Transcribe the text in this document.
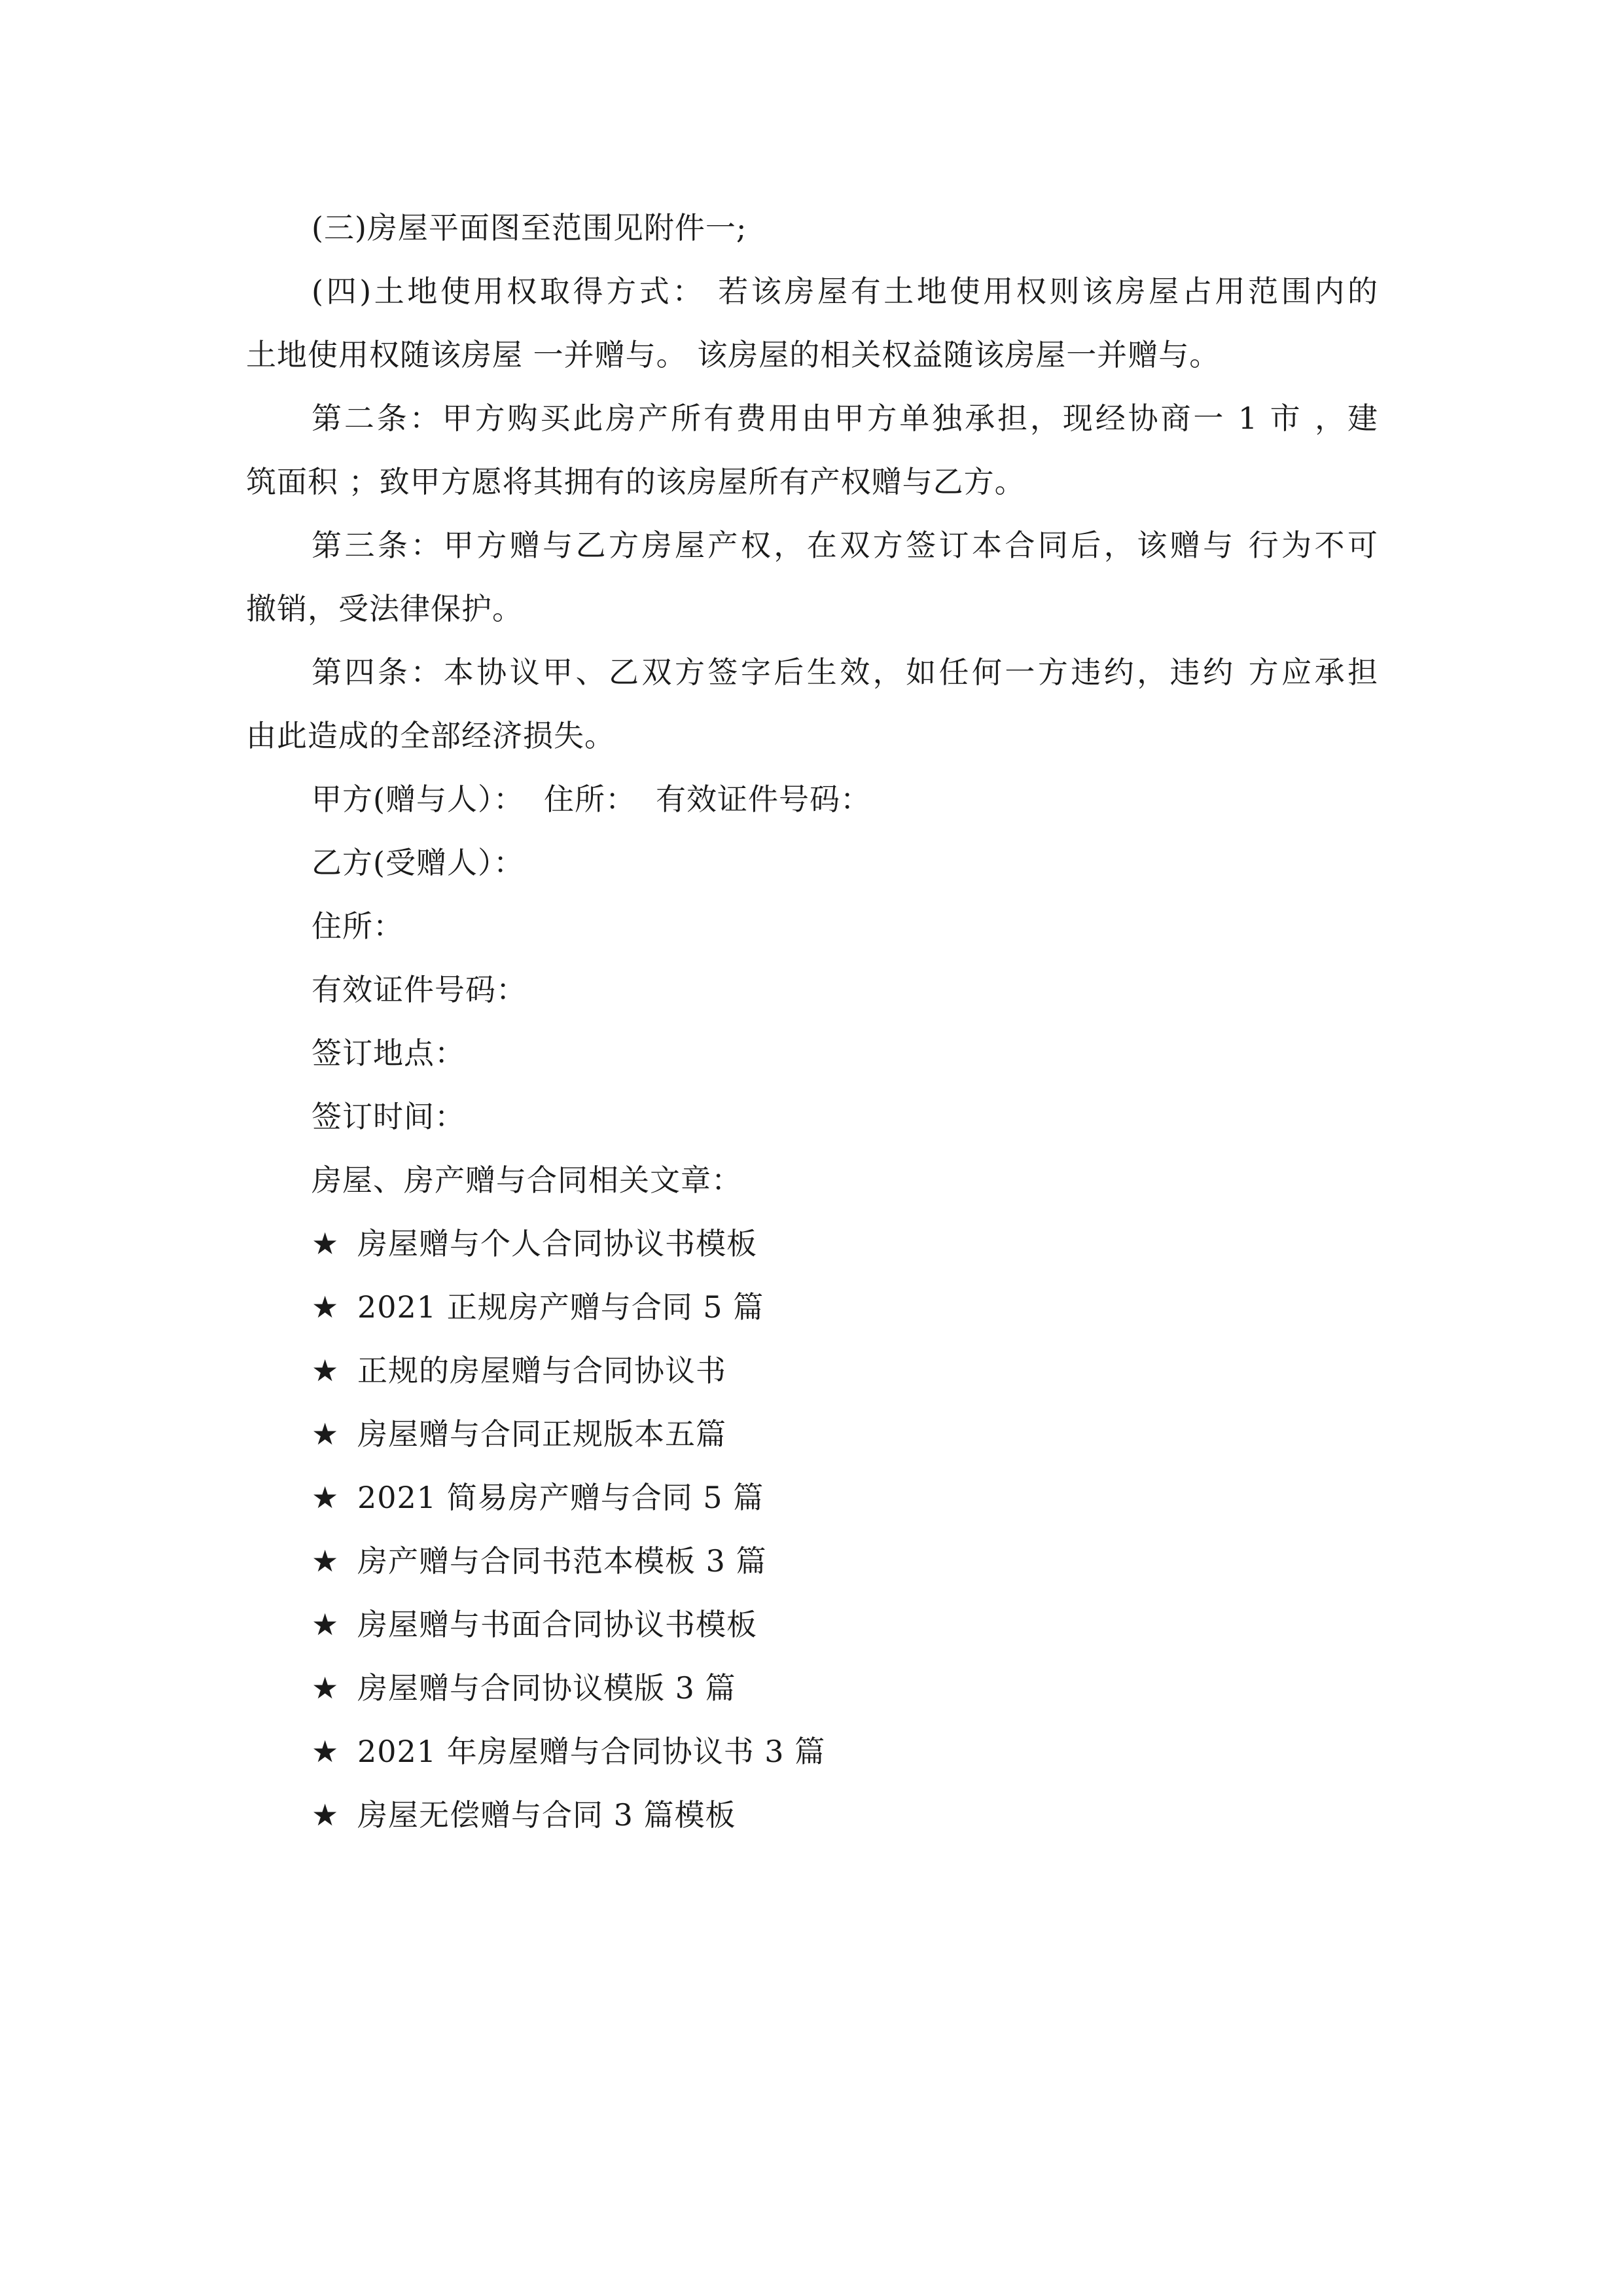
(三)房屋平面图至范围见附件一;
(四)土地使用权取得方式： 若该房屋有土地使用权则该房屋占用范围内的
土地使用权随该房屋 一并赠与。 该房屋的相关权益随该房屋一并赠与。
第二条：甲方购买此房产所有费用由甲方单独承担，现经协商一 1 市 ，建
筑面积 ；致甲方愿将其拥有的该房屋所有产权赠与乙方。
第三条：甲方赠与乙方房屋产权，在双方签订本合同后，该赠与 行为不可
撤销，受法律保护。
第四条：本协议甲、乙双方签字后生效，如任何一方违约，违约 方应承担
由此造成的全部经济损失。
甲方(赠与人）： 住所： 有效证件号码：
乙方(受赠人）：
住所：
有效证件号码：
签订地点：
签订时间：
房屋、房产赠与合同相关文章：
★ 房屋赠与个人合同协议书模板
★ 2021 正规房产赠与合同 5 篇
★ 正规的房屋赠与合同协议书
★ 房屋赠与合同正规版本五篇
★ 2021 简易房产赠与合同 5 篇
★ 房产赠与合同书范本模板 3 篇
★ 房屋赠与书面合同协议书模板
★ 房屋赠与合同协议模版 3 篇
★ 2021 年房屋赠与合同协议书 3 篇
★ 房屋无偿赠与合同 3 篇模板
